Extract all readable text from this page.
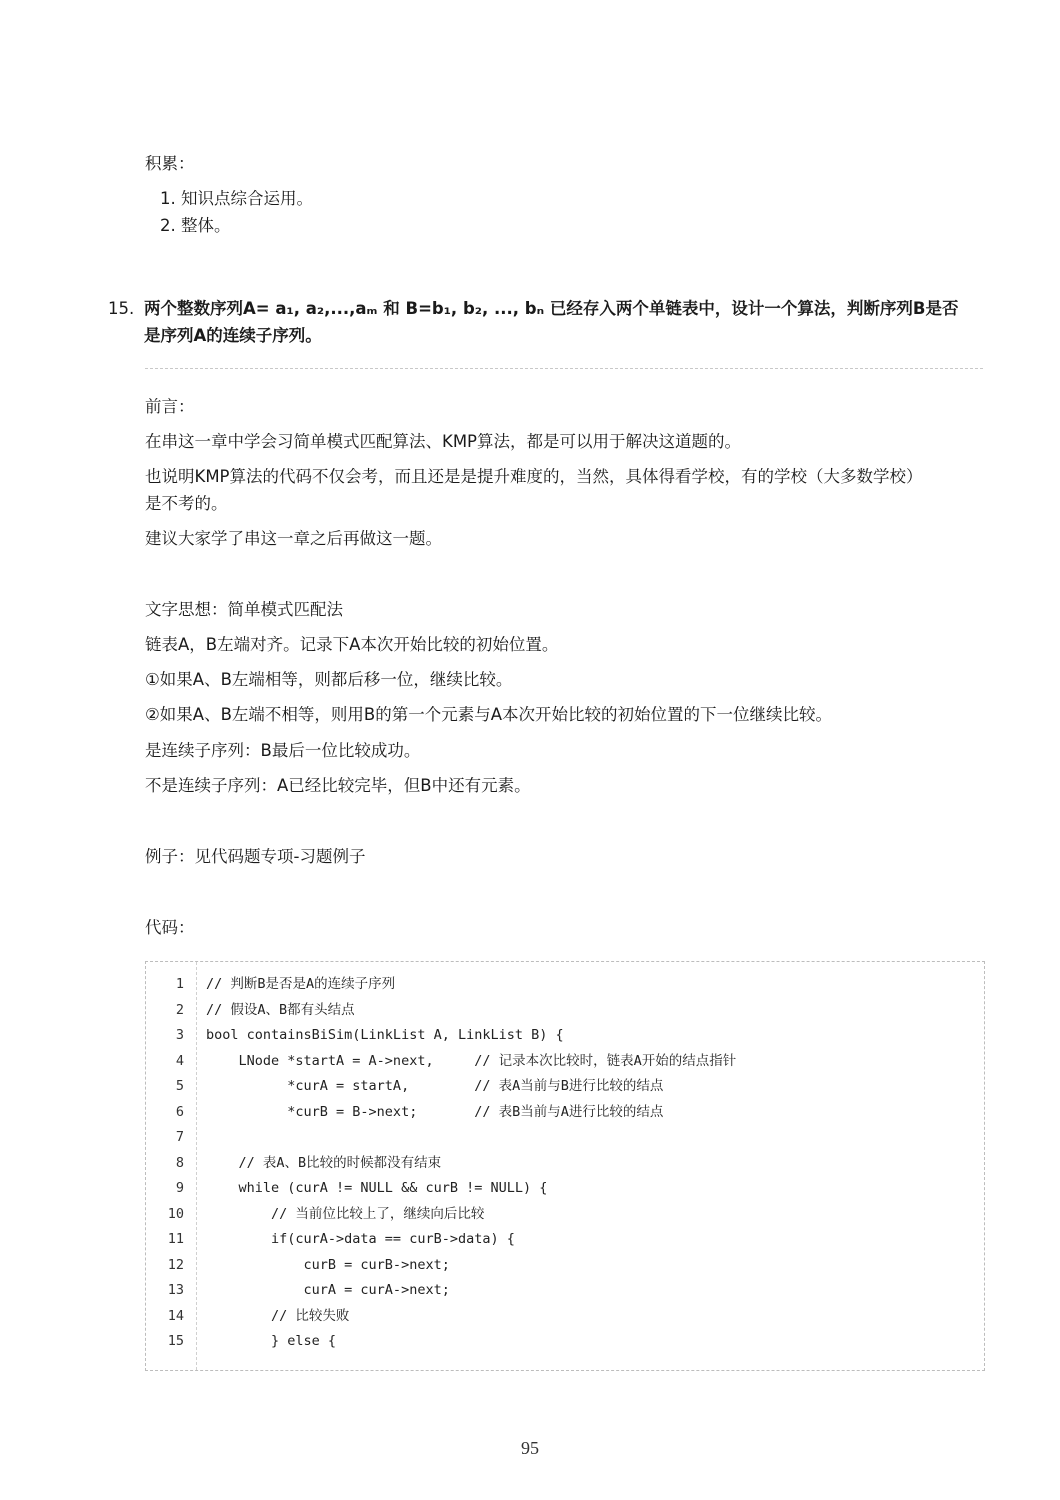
积累：
1. 知识点综合运用。
2. 整体。
15. 两个整数序列A= a₁, a₂,...,aₘ 和 B=b₁, b₂, ..., bₙ 已经存入两个单链表中，设计一个算法，判断序列B是否
是序列A的连续子序列。
前言：
在串这一章中学会习简单模式匹配算法、KMP算法，都是可以用于解决这道题的。
也说明KMP算法的代码不仅会考，而且还是是提升难度的，当然，具体得看学校，有的学校（大多数学校）
是不考的。
建议大家学了串这一章之后再做这一题。
文字思想：简单模式匹配法
链表A，B左端对齐。记录下A本次开始比较的初始位置。
①如果A、B左端相等，则都后移一位，继续比较。
②如果A、B左端不相等，则用B的第一个元素与A本次开始比较的初始位置的下一位继续比较。
是连续子序列：B最后一位比较成功。
不是连续子序列：A已经比较完毕，但B中还有元素。
例子：见代码题专项-习题例子
代码：
1 // 判断B是否是A的连续子序列
2 // 假设A、B都有头结点
3 bool containsBiSim(LinkList A, LinkList B) {
4 LNode *startA = A->next,     // 记录本次比较时，链表A开始的结点指针
5 *curA = startA,        // 表A当前与B进行比较的结点
6 *curB = B->next;       // 表B当前与A进行比较的结点
7
8 // 表A、B比较的时候都没有结束
9 while (curA != NULL && curB != NULL) {
10 // 当前位比较上了，继续向后比较
11 if(curA->data == curB->data) {
12 curB = curB->next;
13 curA = curA->next;
14 // 比较失败
15 } else {
95
